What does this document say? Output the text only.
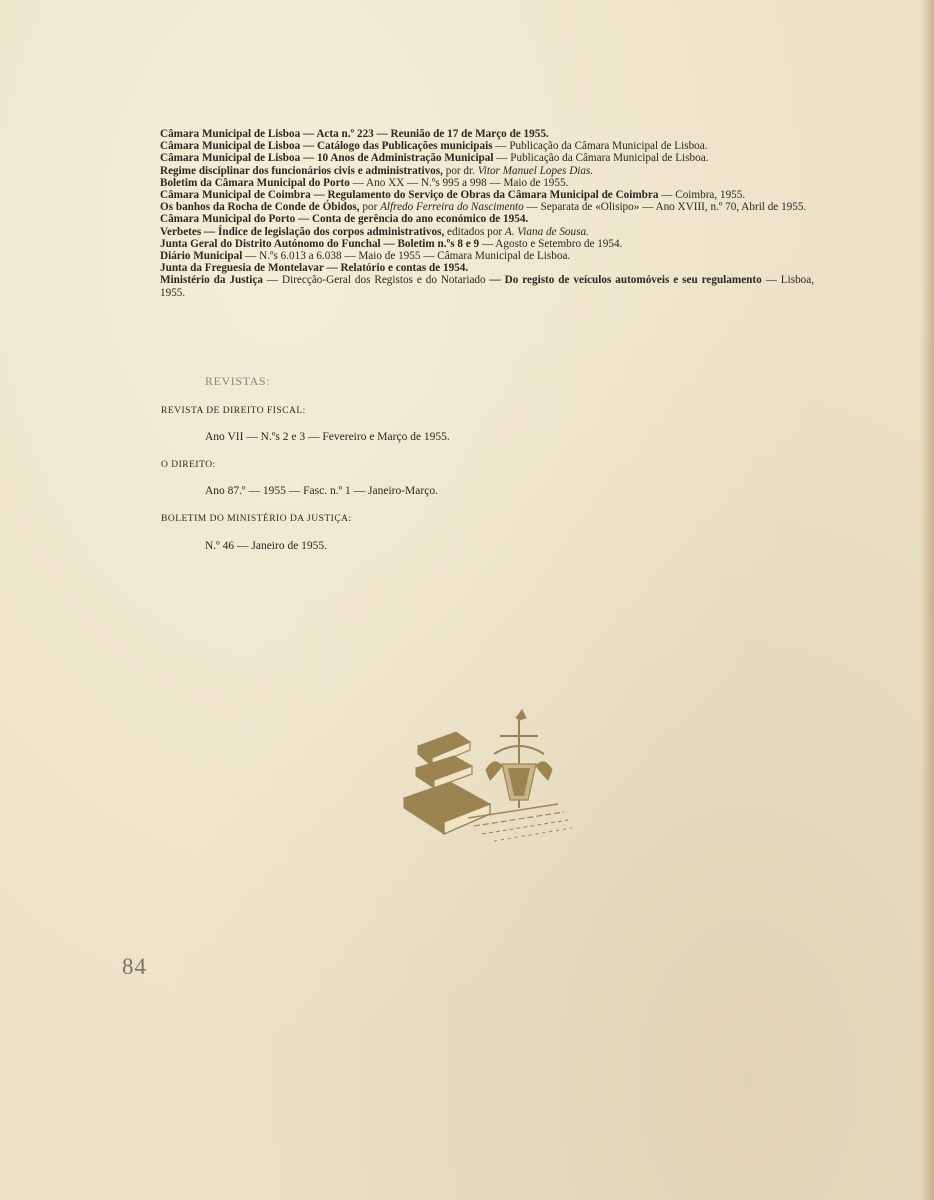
Câmara Municipal de Lisboa — Acta n.º 223 — Reunião de 17 de Março de 1955.

Câmara Municipal de Lisboa — Catálogo das Publicações municipais — Publicação da Câmara Municipal de Lisboa.

Câmara Municipal de Lisboa — 10 Anos de Administração Municipal — Publicação da Câmara Municipal de Lisboa.

Regime disciplinar dos funcionários civis e administrativos, por dr. Vitor Manuel Lopes Dias.

Boletim da Câmara Municipal do Porto — Ano XX — N.ºs 995 a 998 — Maio de 1955.

Câmara Municipal de Coimbra — Regulamento do Serviço de Obras da Câmara Municipal de Coimbra — Coimbra, 1955.

Os banhos da Rocha de Conde de Óbidos, por Alfredo Ferreira do Nascimento — Separata de «Olisipo» — Ano XVIII, n.º 70, Abril de 1955.

Câmara Municipal do Porto — Conta de gerência do ano económico de 1954.

Verbetes — Índice de legislação dos corpos administrativos, editados por A. Viana de Sousa.

Junta Geral do Distrito Autónomo do Funchal — Boletim n.ºs 8 e 9 — Agosto e Setembro de 1954.

Diário Municipal — N.ºs 6.013 a 6.038 — Maio de 1955 — Câmara Municipal de Lisboa.

Junta da Freguesia de Montelavar — Relatório e contas de 1954.

Ministério da Justiça — Direcção-Geral dos Registos e do Notariado — Do registo de veículos automóveis e seu regulamento — Lisboa, 1955.

REVISTAS:
REVISTA DE DIREITO FISCAL:
Ano VII — N.ºs 2 e 3 — Fevereiro e Março de 1955.
O DIREITO:
Ano 87.º — 1955 — Fasc. n.º 1 — Janeiro-Março.
BOLETIM DO MINISTÉRIO DA JUSTIÇA:
N.º 46 — Janeiro de 1955.
84
